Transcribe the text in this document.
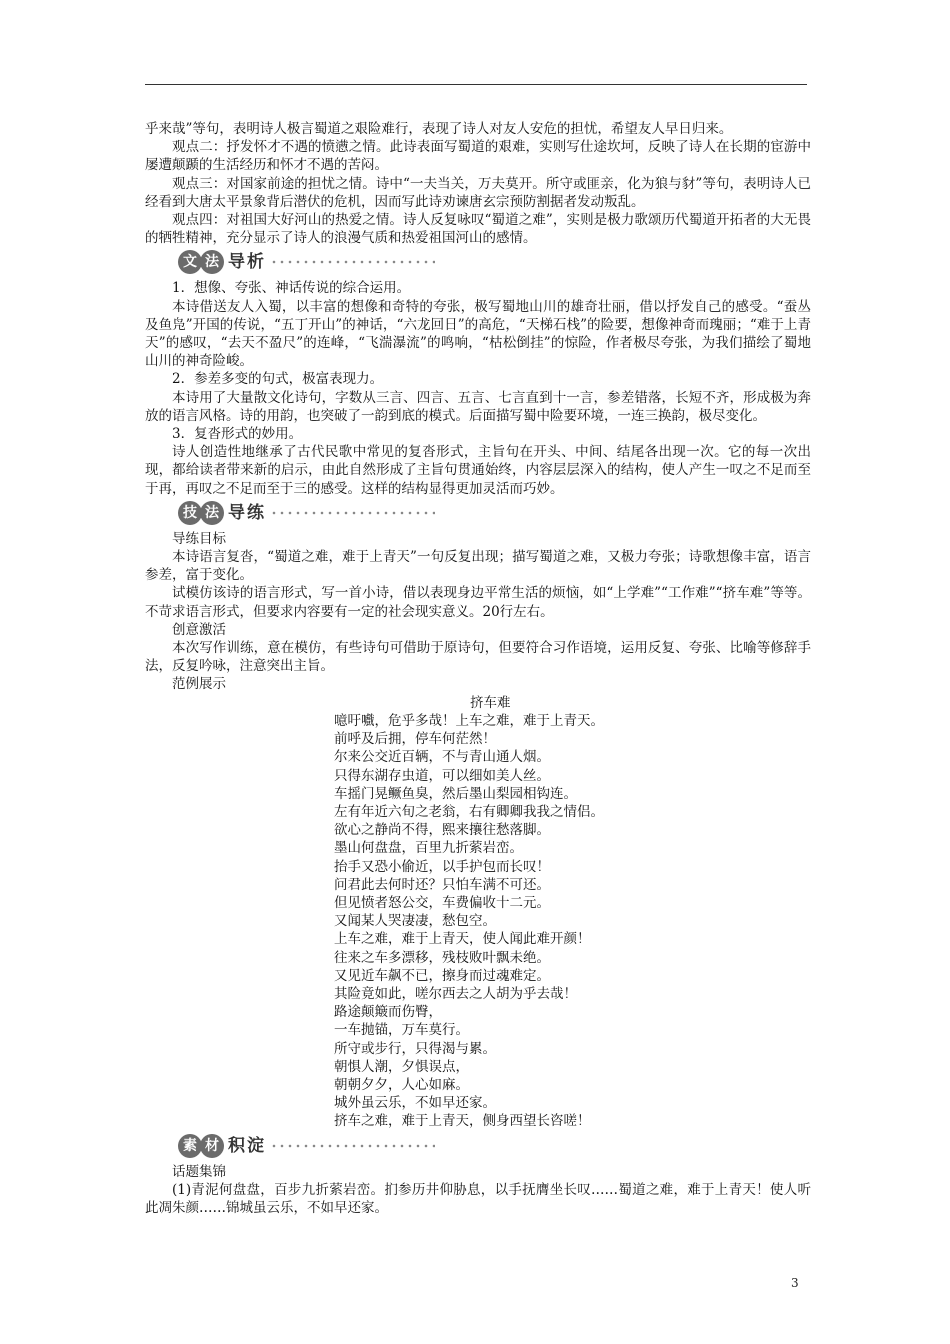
乎来哉”等句，表明诗人极言蜀道之艰险难行，表现了诗人对友人安危的担忧，希望友人早日归来。

观点二：抒发怀才不遇的愤懑之情。此诗表面写蜀道的艰难，实则写仕途坎坷，反映了诗人在长期的宦游中屡遭颠踬的生活经历和怀才不遇的苦闷。

观点三：对国家前途的担忧之情。诗中“一夫当关，万夫莫开。所守或匪亲，化为狼与豺”等句，表明诗人已经看到大唐太平景象背后潜伏的危机，因而写此诗劝谏唐玄宗预防割据者发动叛乱。

观点四：对祖国大好河山的热爱之情。诗人反复咏叹“蜀道之难”，实则是极力歌颂历代蜀道开拓者的大无畏的牺牲精神，充分显示了诗人的浪漫气质和热爱祖国河山的感情。

文 法 导析

1．想像、夸张、神话传说的综合运用。

本诗借送友人入蜀，以丰富的想像和奇特的夸张，极写蜀地山川的雄奇壮丽，借以抒发自己的感受。“蚕丛及鱼凫”开国的传说，“五丁开山”的神话，“六龙回日”的高危，“天梯石栈”的险要，想像神奇而瑰丽；“难于上青天”的感叹，“去天不盈尺”的连峰，“飞湍瀑流”的鸣响，“枯松倒挂”的惊险，作者极尽夸张，为我们描绘了蜀地山川的神奇险峻。

2．参差多变的句式，极富表现力。

本诗用了大量散文化诗句，字数从三言、四言、五言、七言直到十一言，参差错落，长短不齐，形成极为奔放的语言风格。诗的用韵，也突破了一韵到底的模式。后面描写蜀中险要环境，一连三换韵，极尽变化。

3．复沓形式的妙用。

诗人创造性地继承了古代民歌中常见的复沓形式，主旨句在开头、中间、结尾各出现一次。它的每一次出现，都给读者带来新的启示，由此自然形成了主旨句贯通始终，内容层层深入的结构，使人产生一叹之不足而至于再，再叹之不足而至于三的感受。这样的结构显得更加灵活而巧妙。

技 法 导练

导练目标

本诗语言复沓，“蜀道之难，难于上青天”一句反复出现；描写蜀道之难，又极力夸张；诗歌想像丰富，语言参差，富于变化。

试模仿该诗的语言形式，写一首小诗，借以表现身边平常生活的烦恼，如“上学难”“工作难”“挤车难”等等。不苛求语言形式，但要求内容要有一定的社会现实意义。20行左右。

创意激活

本次写作训练，意在模仿，有些诗句可借助于原诗句，但要符合习作语境，运用反复、夸张、比喻等修辞手法，反复吟咏，注意突出主旨。

范例展示

挤车难

噫吁嚱，危乎多哉！上车之难，难于上青天。

前呼及后拥，停车何茫然！

尔来公交近百辆，不与青山通人烟。

只得东湖存虫道，可以细如美人丝。

车摇门晃鳜鱼臭，然后墨山梨园相钩连。

左有年近六旬之老翁，右有卿卿我我之情侣。

欲心之静尚不得，熙来攘往愁落脚。

墨山何盘盘，百里九折萦岩峦。

抬手又恐小偷近，以手护包而长叹！

问君此去何时还？只怕车满不可还。

但见愤者怒公交，车费偏收十二元。

又闻某人哭凄凄，愁包空。

上车之难，难于上青天，使人闻此难开颜！

往来之车多漂移，残枝败叶飘未绝。

又见近车飙不已，擦身而过魂难定。

其险竟如此，嗟尔西去之人胡为乎去哉！

路途颠簸而伤臀，

一车抛锚，万车莫行。

所守或步行，只得渴与累。

朝惧人潮，夕惧误点，

朝朝夕夕，人心如麻。

城外虽云乐，不如早还家。

挤车之难，难于上青天，侧身西望长咨嗟！

素 材 积淀

话题集锦

(1)青泥何盘盘，百步九折萦岩峦。扪参历井仰胁息，以手抚膺坐长叹……蜀道之难，难于上青天！使人听此凋朱颜……锦城虽云乐，不如早还家。

3
